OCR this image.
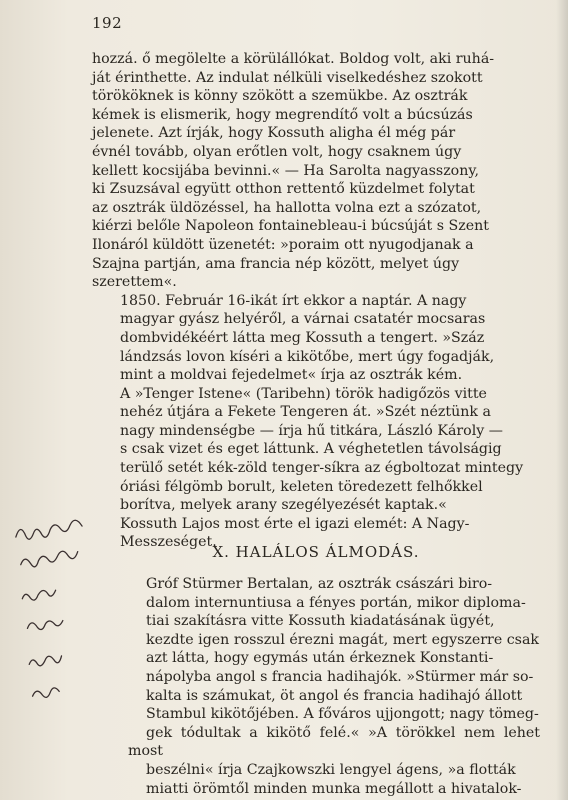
192

hozzá. ő megölelte a körülállókat. Boldog volt, aki ruhá-
ját érinthette. Az indulat nélküli viselkedéshez szokott
törököknek is könny szökött a szemükbe. Az osztrák
kémek is elismerik, hogy megrendítő volt a búcsúzás
jelenete. Azt írják, hogy Kossuth aligha él még pár
évnél tovább, olyan erőtlen volt, hogy csaknem úgy
kellett kocsijába bevinni.« — Ha Sarolta nagyasszony,
ki Zsuzsával együtt otthon rettentő küzdelmet folytat
az osztrák üldözéssel, ha hallotta volna ezt a szózatot,
kiérzi belőle Napoleon fontainebleau-i búcsúját s Szent
Ilonáról küldött üzenetét: »poraim ott nyugodjanak a
Szajna partján, ama francia nép között, melyet úgy
szerettem«.

1850. Február 16-ikát írt ekkor a naptár. A nagy
magyar gyász helyéről, a várnai csatatér mocsaras
dombvidékéért látta meg Kossuth a tengert. »Száz
lándzsás lovon kíséri a kikötőbe, mert úgy fogadják,
mint a moldvai fejedelmet« írja az osztrák kém.
A »Tenger Istene« (Taribehn) török hadigőzös vitte
nehéz útjára a Fekete Tengeren át. »Szét néztünk a
nagy mindenségbe — írja hű titkára, László Károly —
s csak vizet és eget láttunk. A véghetetlen távolságig
terülő setét kék-zöld tenger-síkra az égboltozat mintegy
óriási félgömb borult, keleten töredezett felhőkkel
borítva, melyek arany szegélyezését kaptak.«

Kossuth Lajos most érte el igazi elemét: A Nagy-
Messzeséget.

X. HALÁLOS ÁLMODÁS.

Gróf Stürmer Bertalan, az osztrák császári biro-
dalom internuntiusa a fényes portán, mikor diploma-
tiai szakításra vitte Kossuth kiadatásának ügyét,
kezdte igen rosszul érezni magát, mert egyszerre csak
azt látta, hogy egymás után érkeznek Konstanti-
nápolyba angol s francia hadihajók. »Stürmer már so-
kalta is számukat, öt angol és francia hadihajó állott
Stambul kikötőjében. A főváros ujjongott; nagy tömeg-
gek tódultak a kikötő felé.« »A törökkel nem lehet most
beszélni« írja Czajkowszki lengyel ágens, »a flották
miatti örömtől minden munka megállott a hivatalok-
